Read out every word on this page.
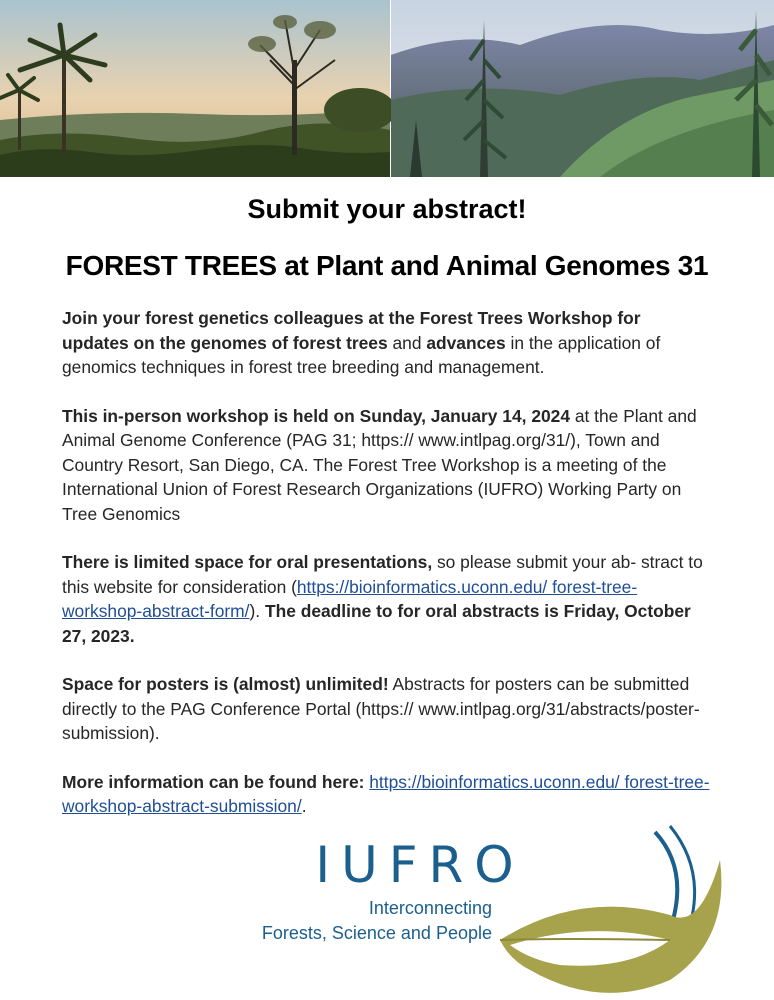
Submit your abstract!
FOREST TREES at Plant and Animal Genomes 31

Join your forest genetics colleagues at the Forest Trees Workshop for updates on the genomes of forest trees and advances in the application of genomics techniques in forest tree breeding and management.

This in-person workshop is held on Sunday, January 14, 2024 at the Plant and Animal Genome Conference (PAG 31; https:// www.intlpag.org/31/), Town and Country Resort, San Diego, CA. The Forest Tree Workshop is a meeting of the International Union of Forest Research Organizations (IUFRO) Working Party on Tree Genomics

There is limited space for oral presentations, so please submit your ab- stract to this website for consideration (https://bioinformatics.uconn.edu/ forest-tree-workshop-abstract-form/). The deadline to for oral abstracts is Friday, October 27, 2023.

Space for posters is (almost) unlimited! Abstracts for posters can be submitted directly to the PAG Conference Portal (https:// www.intlpag.org/31/abstracts/poster-submission).

More information can be found here: https://bioinformatics.uconn.edu/ forest-tree-workshop-abstract-submission/.

IUFRO
Interconnecting
Forests, Science and People
